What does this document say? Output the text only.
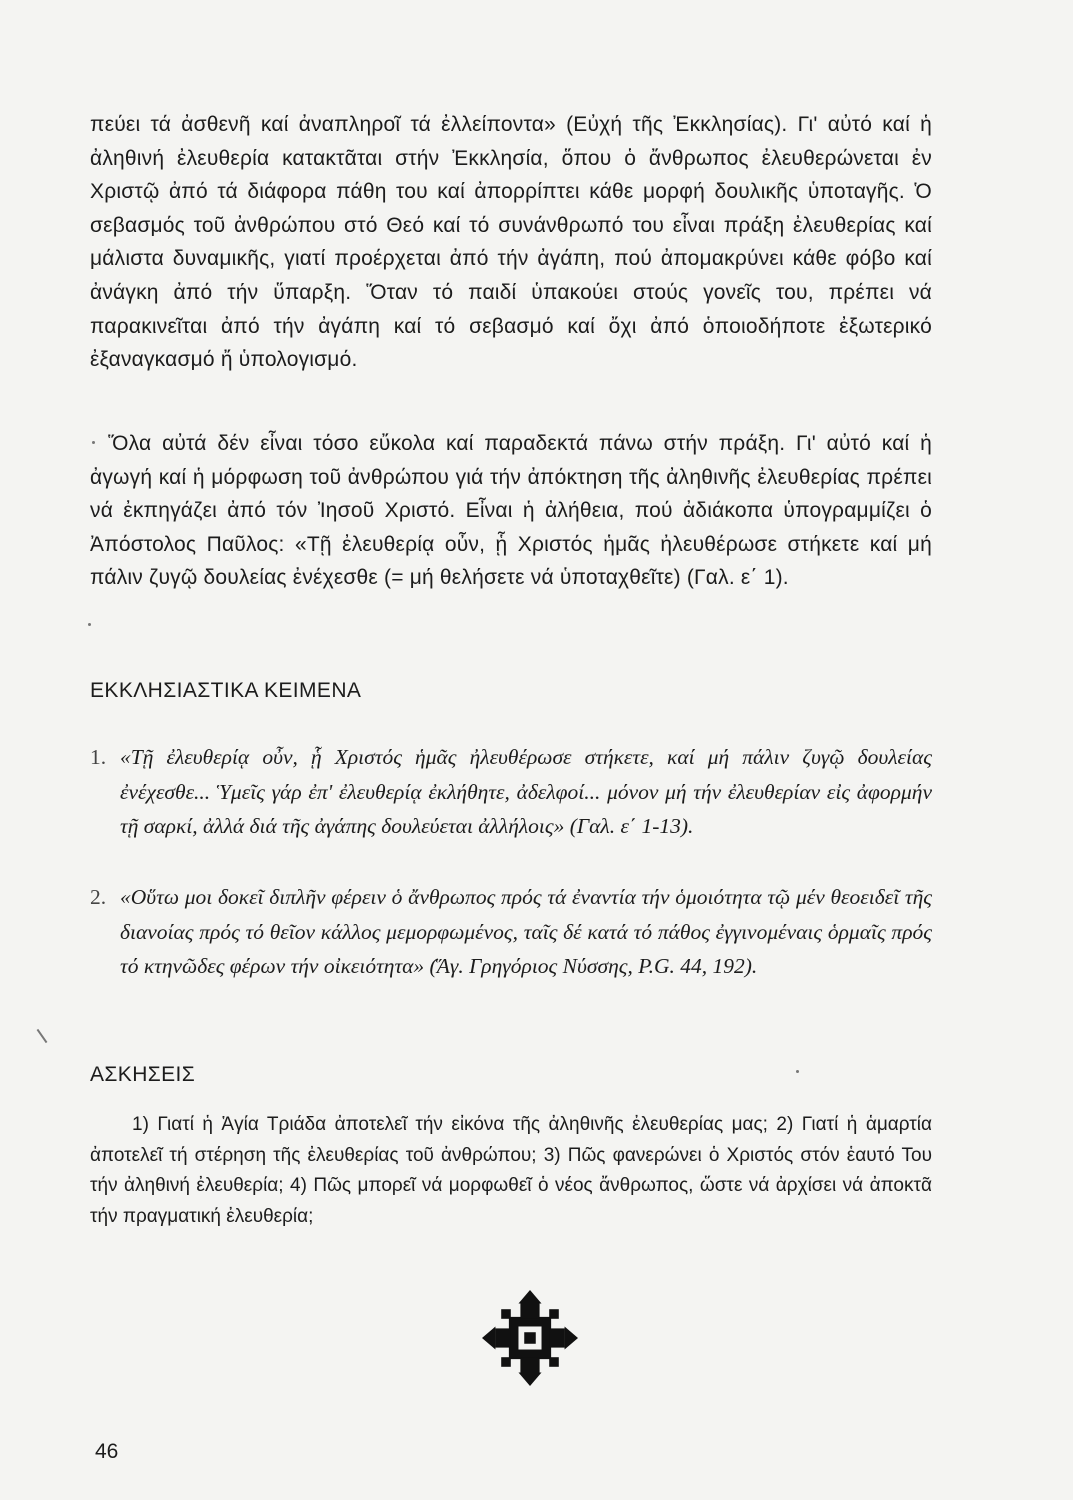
πεύει τά ἀσθενῆ καί ἀναπληροῖ τά ἐλλείποντα» (Εὐχή τῆς Ἐκκλησίας). Γι' αὐτό καί ἡ ἀληθινή ἐλευθερία κατακτᾶται στήν Ἐκκλησία, ὅπου ὁ ἄνθρωπος ἐλευθερώνεται ἐν Χριστῷ ἀπό τά διάφορα πάθη του καί ἀπορρίπτει κάθε μορφή δουλικῆς ὑποταγῆς. Ὁ σεβασμός τοῦ ἀνθρώπου στό Θεό καί τό συνάνθρωπό του εἶναι πράξη ἐλευθερίας καί μάλιστα δυναμικῆς, γιατί προέρχεται ἀπό τήν ἀγάπη, πού ἀπομακρύνει κάθε φόβο καί ἀνάγκη ἀπό τήν ὕπαρξη. Ὅταν τό παιδί ὑπακούει στούς γονεῖς του, πρέπει νά παρακινεῖται ἀπό τήν ἀγάπη καί τό σεβασμό καί ὄχι ἀπό ὁποιοδήποτε ἐξωτερικό ἐξαναγκασμό ἤ ὑπολογισμό.
Ὅλα αὐτά δέν εἶναι τόσο εὔκολα καί παραδεκτά πάνω στήν πράξη. Γι' αὐτό καί ἡ ἀγωγή καί ἡ μόρφωση τοῦ ἀνθρώπου γιά τήν ἀπόκτηση τῆς ἀληθινῆς ἐλευθερίας πρέπει νά ἐκπηγάζει ἀπό τόν Ἰησοῦ Χριστό. Εἶναι ἡ ἀλήθεια, πού ἀδιάκοπα ὑπογραμμίζει ὁ Ἀπόστολος Παῦλος: «Τῇ ἐλευθερίᾳ οὖν, ᾗ Χριστός ἡμᾶς ἠλευθέρωσε στήκετε καί μή πάλιν ζυγῷ δουλείας ἐνέχεσθε (= μή θελήσετε νά ὑποταχθεῖτε) (Γαλ. ε΄ 1).
ΕΚΚΛΗΣΙΑΣΤΙΚΑ ΚΕΙΜΕΝΑ
1. «Τῇ ἐλευθερίᾳ οὖν, ᾗ Χριστός ἡμᾶς ἠλευθέρωσε στήκετε, καί μή πάλιν ζυγῷ δουλείας ἐνέχεσθε... Ὑμεῖς γάρ ἐπ' ἐλευθερίᾳ ἐκλήθητε, ἀδελφοί... μόνον μή τήν ἐλευθερίαν εἰς ἀφορμήν τῇ σαρκί, ἀλλά διά τῆς ἀγάπης δουλεύεται ἀλλήλοις» (Γαλ. ε΄ 1-13).
2. «Οὕτω μοι δοκεῖ διπλῆν φέρειν ὁ ἄνθρωπος πρός τά ἐναντία τήν ὁμοιότητα τῷ μέν θεοειδεῖ τῆς διανοίας πρός τό θεῖον κάλλος μεμορφωμένος, ταῖς δέ κατά τό πάθος ἐγγινομέναις ὁρμαῖς πρός τό κτηνῶδες φέρων τήν οἰκειότητα» (Ἅγ. Γρηγόριος Νύσσης, P.G. 44, 192).
ΑΣΚΗΣΕΙΣ
1) Γιατί ἡ Ἁγία Τριάδα ἀποτελεῖ τήν εἰκόνα τῆς ἀληθινῆς ἐλευθερίας μας; 2) Γιατί ἡ ἁμαρτία ἀποτελεῖ τή στέρηση τῆς ἐλευθερίας τοῦ ἀνθρώπου; 3) Πῶς φανερώνει ὁ Χριστός στόν ἑαυτό Του τήν ἀληθινή ἐλευθερία; 4) Πῶς μπορεῖ νά μορφωθεῖ ὁ νέος ἄνθρωπος, ὥστε νά ἀρχίσει νά ἀποκτᾶ τήν πραγματική ἐλευθερία;
46
